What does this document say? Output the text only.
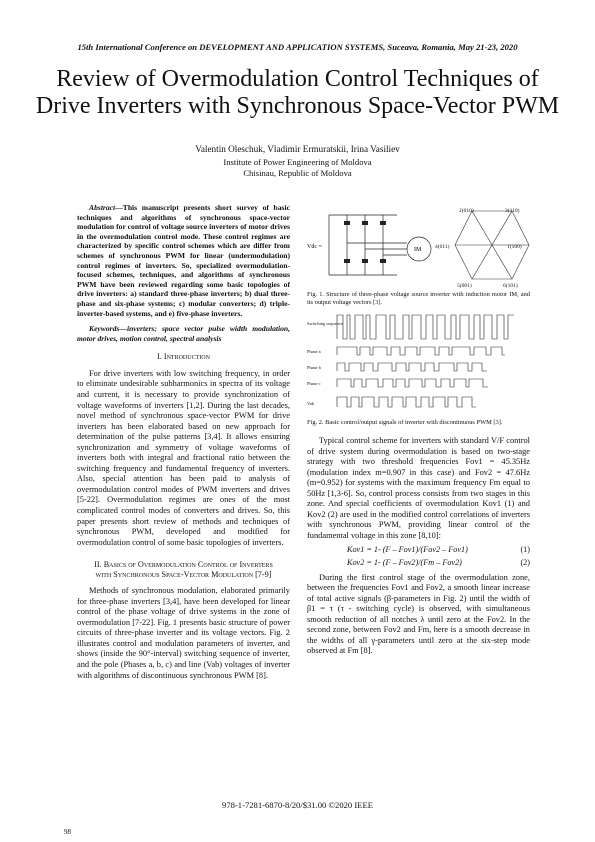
15th International Conference on DEVELOPMENT AND APPLICATION SYSTEMS, Suceava, Romania, May 21-23, 2020
Review of Overmodulation Control Techniques of
Drive Inverters with Synchronous Space-Vector PWM
Valentin Oleschuk, Vladimir Ermuratskii, Irina Vasiliev
Institute of Power Engineering of Moldova
Chisinau, Republic of Moldova
Abstract—This manuscript presents short survey of basic techniques and algorithms of synchronous space-vector modulation for control of voltage source inverters of motor drives in the overmodulation control mode. These control regimes are characterized by specific control schemes which are differ from schemes of synchronous PWM for linear (undermodulation) control regimes of inverters. So, specialized overmodulation-focused schemes, techniques, and algorithms of synchronous PWM have been reviewed regarding some basic topologies of drive inverters: a) standard three-phase inverters; b) dual three-phase and six-phase systems; c) modular converters; d) triple-inverter-based systems, and e) five-phase inverters.
Keywords—inverters; space vector pulse width modulation, motor drives, motion control, spectral analysis
I. Introduction

For drive inverters with low switching frequency, in order to eliminate undesirable subharmonics in spectra of its voltage and current, it is necessary to provide synchronization of voltage waveforms of inverters [1,2]. During the last decades, novel method of synchronous space-vector PWM for drive inverters has been elaborated based on new approach for determination of the pulse patterns [3,4]. It allows ensuring synchronization and symmetry of voltage waveforms of inverters both with integral and fractional ratio between the switching frequency and fundamental frequency of inverters. Also, special attention has been paid to analysis of overmodulation control modes of PWM inverters and drives [5-22]. Overmodulation regimes are ones of the most complicated control modes of converters and drives. So, this paper presents short review of methods and techniques of synchronous PWM, developed and modified for overmodulation control of some basic topologies of inverters.

II. Basics of Overmodulation Control of Inverters
with Synchronous Space-Vector Modulation [7-9]

Methods of synchronous modulation, elaborated primarily for three-phase inverters [3,4], have been developed for linear control of the phase voltage of drive systems in the zone of overmodulation [7-22]. Fig. 1 presents basic structure of power circuits of three-phase inverter and its voltage vectors. Fig. 2 illustrates control and modulation parameters of inverter, and shows (inside the 90°-interval) switching sequence of inverter, and the pole (Phases a, b, c) and line (Vab) voltages of inverter with algorithms of discontinuous synchronous PWM [8].

Vdc =	IM
2(010)	3(110)
4(011)	1(100)
5(001)	6(101)
Fig. 1. Structure of three-phase voltage source inverter with induction motor IM, and its output voltage vectors [3].
Switching sequence
Phase a
Phase b
Phase c
Vab
Fig. 2. Basic control/output signals of inverter with discontinuous PWM [3].

Typical control scheme for inverters with standard V/F control of drive system during overmodulation is based on two-stage strategy with two threshold frequencies Fov1 = 45.35Hz (modulation index m=0.907 in this case) and Fov2 = 47.6Hz (m=0.952) for systems with the maximum frequency Fm equal to 50Hz [1,3-6]. So, control process consists from two stages in this zone. And special coefficients of overmodulation Kov1 (1) and Kov2 (2) are used in the modified control correlations of inverters with synchronous PWM, providing linear control of the fundamental voltage in this zone [8,10]:

Kov1 = 1- (F – Fov1)/(Fov2 – Fov1)	(1)
Kov2 = 1- (F – Fov2)/(Fm – Fov2)	(2)

During the first control stage of the overmodulation zone, between the frequencies Fov1 and Fov2, a smooth linear increase of total active signals (β-parameters in Fig. 2) until the width of β1 = τ (τ - switching cycle) is observed, with simultaneous smooth reduction of all notches λ until zero at the Fov2. In the second zone, between Fov2 and Fm, here is a smooth decrease in the widths of all γ-parameters until zero at the six-step mode observed at Fm [8].

978-1-7281-6870-8/20/$31.00 ©2020 IEEE
98
